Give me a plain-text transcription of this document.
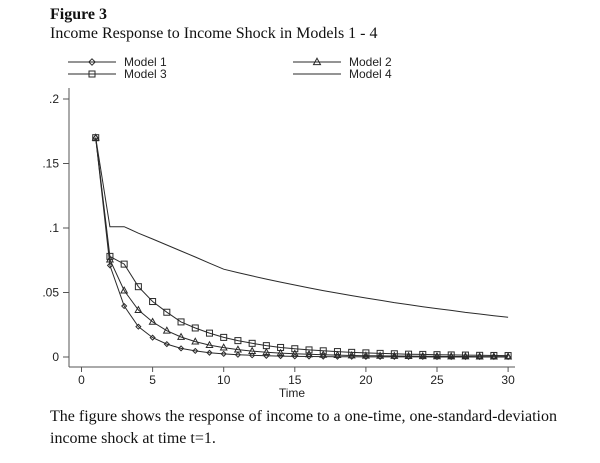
Figure 3
Income Response to Income Shock in Models 1 - 4
.2
.15
.1
.05
0
0	5	10	15	20	25	30
Time
Model 1	Model 2
Model 3	Model 4
The figure shows the response of income to a one-time, one-standard-deviation
income shock at time t=1.
